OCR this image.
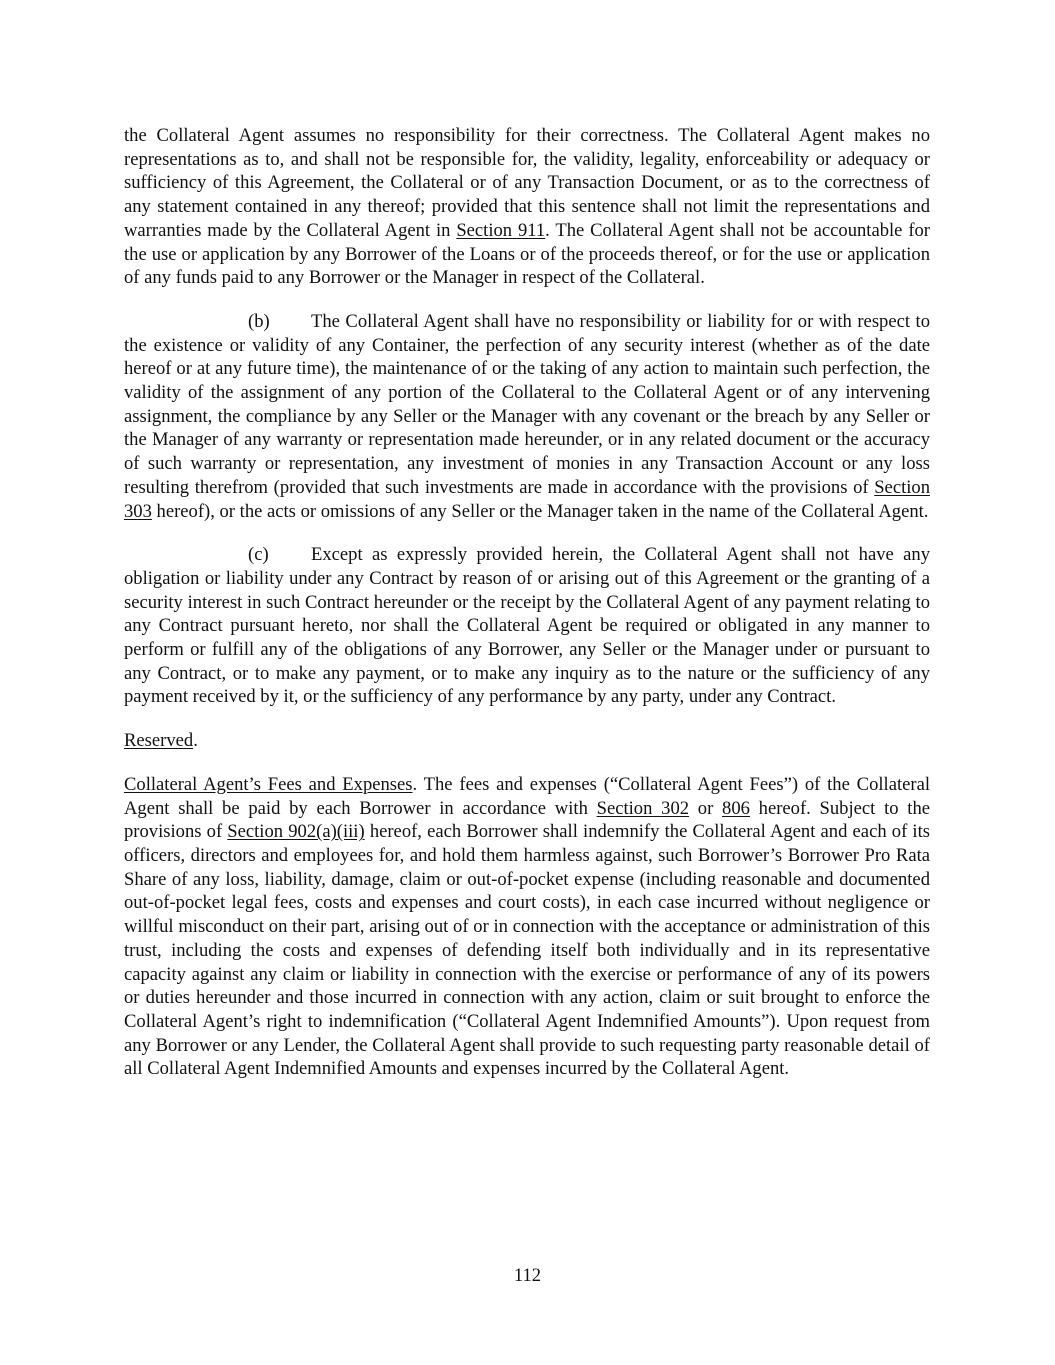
the Collateral Agent assumes no responsibility for their correctness. The Collateral Agent makes no representations as to, and shall not be responsible for, the validity, legality, enforceability or adequacy or sufficiency of this Agreement, the Collateral or of any Transaction Document, or as to the correctness of any statement contained in any thereof; provided that this sentence shall not limit the representations and warranties made by the Collateral Agent in Section 911. The Collateral Agent shall not be accountable for the use or application by any Borrower of the Loans or of the proceeds thereof, or for the use or application of any funds paid to any Borrower or the Manager in respect of the Collateral.

(b) The Collateral Agent shall have no responsibility or liability for or with respect to the existence or validity of any Container, the perfection of any security interest (whether as of the date hereof or at any future time), the maintenance of or the taking of any action to maintain such perfection, the validity of the assignment of any portion of the Collateral to the Collateral Agent or of any intervening assignment, the compliance by any Seller or the Manager with any covenant or the breach by any Seller or the Manager of any warranty or representation made hereunder, or in any related document or the accuracy of such warranty or representation, any investment of monies in any Transaction Account or any loss resulting therefrom (provided that such investments are made in accordance with the provisions of Section 303 hereof), or the acts or omissions of any Seller or the Manager taken in the name of the Collateral Agent.

(c) Except as expressly provided herein, the Collateral Agent shall not have any obligation or liability under any Contract by reason of or arising out of this Agreement or the granting of a security interest in such Contract hereunder or the receipt by the Collateral Agent of any payment relating to any Contract pursuant hereto, nor shall the Collateral Agent be required or obligated in any manner to perform or fulfill any of the obligations of any Borrower, any Seller or the Manager under or pursuant to any Contract, or to make any payment, or to make any inquiry as to the nature or the sufficiency of any payment received by it, or the sufficiency of any performance by any party, under any Contract.

Reserved.

Collateral Agent’s Fees and Expenses. The fees and expenses (“Collateral Agent Fees”) of the Collateral Agent shall be paid by each Borrower in accordance with Section 302 or 806 hereof. Subject to the provisions of Section 902(a)(iii) hereof, each Borrower shall indemnify the Collateral Agent and each of its officers, directors and employees for, and hold them harmless against, such Borrower’s Borrower Pro Rata Share of any loss, liability, damage, claim or out-of-pocket expense (including reasonable and documented out-of-pocket legal fees, costs and expenses and court costs), in each case incurred without negligence or willful misconduct on their part, arising out of or in connection with the acceptance or administration of this trust, including the costs and expenses of defending itself both individually and in its representative capacity against any claim or liability in connection with the exercise or performance of any of its powers or duties hereunder and those incurred in connection with any action, claim or suit brought to enforce the Collateral Agent’s right to indemnification (“Collateral Agent Indemnified Amounts”). Upon request from any Borrower or any Lender, the Collateral Agent shall provide to such requesting party reasonable detail of all Collateral Agent Indemnified Amounts and expenses incurred by the Collateral Agent.

112
